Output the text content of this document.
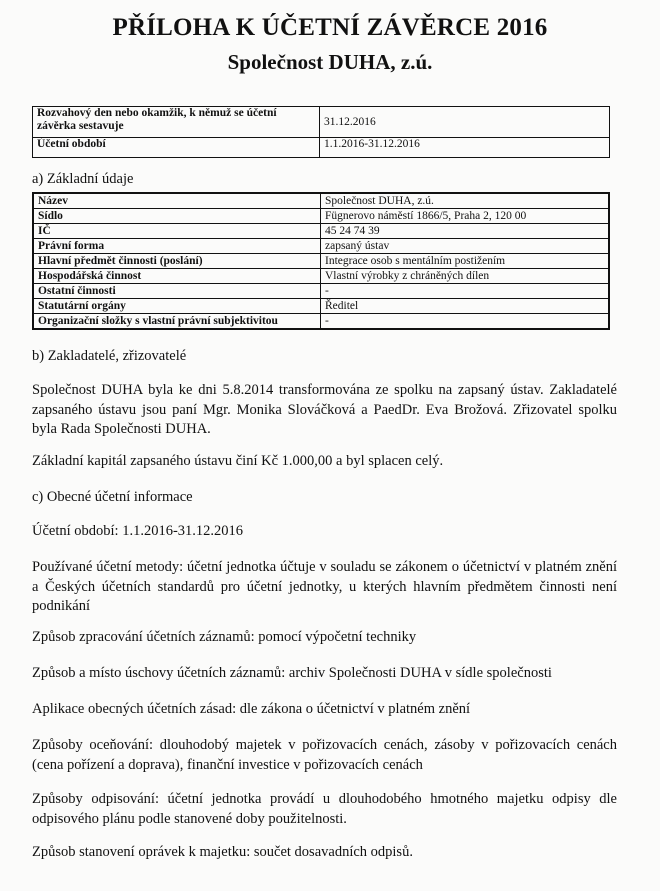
PŘÍLOHA K ÚČETNÍ ZÁVĚRCE 2016
Společnost DUHA, z.ú.
Rozvahový den nebo okamžik, k němuž se účetní závěrka sestavuje	31.12.2016
Účetní období	1.1.2016-31.12.2016
a) Základní údaje
Název	Společnost DUHA, z.ú.
Sídlo	Fügnerovo náměstí 1866/5, Praha 2, 120 00
IČ	45 24 74 39
Právní forma	zapsaný ústav
Hlavní předmět činnosti (poslání)	Integrace osob s mentálním postižením
Hospodářská činnost	Vlastní výrobky z chráněných dílen
Ostatní činnosti	-
Statutární orgány	Ředitel
Organizační složky s vlastní právní subjektivitou	-
b) Zakladatelé, zřizovatelé

Společnost DUHA byla ke dni 5.8.2014 transformována ze spolku na zapsaný ústav. Zakladatelé zapsaného ústavu jsou paní Mgr. Monika Slováčková a PaedDr. Eva Brožová. Zřizovatel spolku byla Rada Společnosti DUHA.

Základní kapitál zapsaného ústavu činí Kč 1.000,00 a byl splacen celý.

c) Obecné účetní informace

Účetní období: 1.1.2016-31.12.2016

Používané účetní metody: účetní jednotka účtuje v souladu se zákonem o účetnictví v platném znění a Českých účetních standardů pro účetní jednotky, u kterých hlavním předmětem činnosti není podnikání

Způsob zpracování účetních záznamů: pomocí výpočetní techniky

Způsob a místo úschovy účetních záznamů: archiv Společnosti DUHA v sídle společnosti

Aplikace obecných účetních zásad: dle zákona o účetnictví v platném znění

Způsoby oceňování: dlouhodobý majetek v pořizovacích cenách, zásoby v pořizovacích cenách (cena pořízení a doprava), finanční investice v pořizovacích cenách

Způsoby odpisování: účetní jednotka provádí u dlouhodobého hmotného majetku odpisy dle odpisového plánu podle stanovené doby použitelnosti.

Způsob stanovení oprávek k majetku: součet dosavadních odpisů.
